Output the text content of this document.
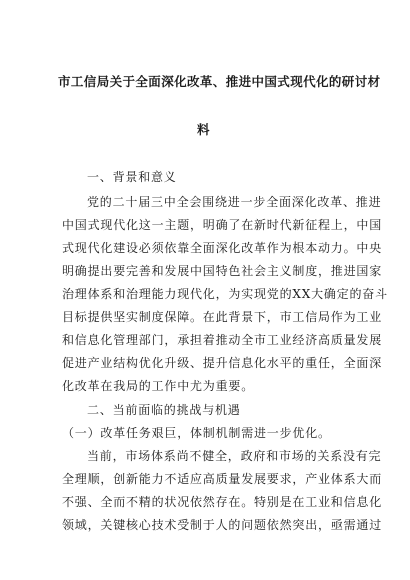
市工信局关于全面深化改革、推进中国式现代化的研讨材
料
一、背景和意义
党的二十届三中全会围绕进一步全面深化改革、推进
中国式现代化这一主题，明确了在新时代新征程上，中国
式现代化建设必须依靠全面深化改革作为根本动力。中央
明确提出要完善和发展中国特色社会主义制度，推进国家
治理体系和治理能力现代化，为实现党的XX大确定的奋斗
目标提供坚实制度保障。在此背景下，市工信局作为工业
和信息化管理部门，承担着推动全市工业经济高质量发展
促进产业结构优化升级、提升信息化水平的重任，全面深
化改革在我局的工作中尤为重要。
二、当前面临的挑战与机遇
（一）改革任务艰巨，体制机制需进一步优化。
当前，市场体系尚不健全，政府和市场的关系没有完
全理顺，创新能力不适应高质量发展要求，产业体系大而
不强、全而不精的状况依然存在。特别是在工业和信息化
领域，关键核心技术受制于人的问题依然突出，亟需通过
